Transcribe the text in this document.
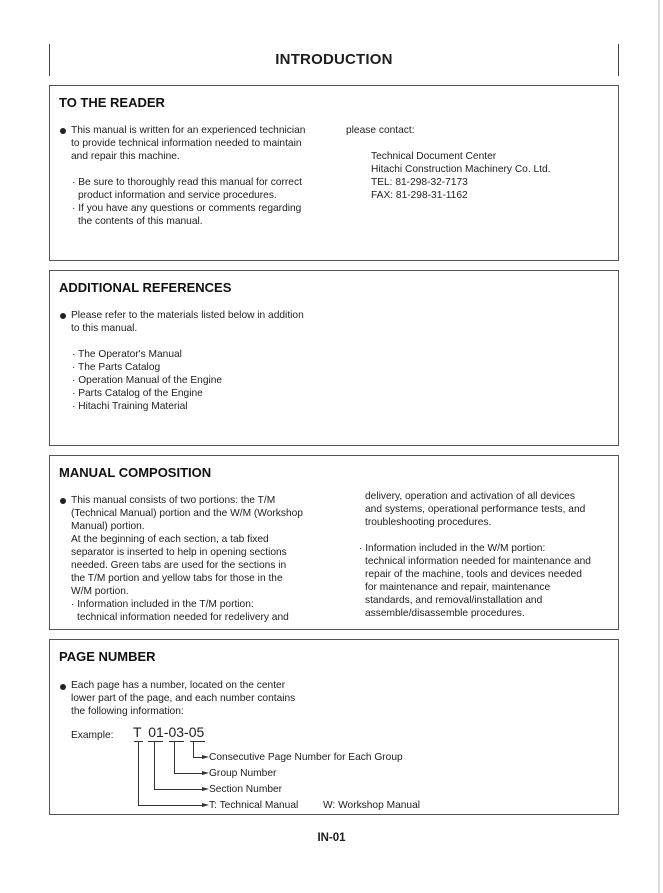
INTRODUCTION
TO THE READER
This manual is written for an experienced technician
to provide technical information needed to maintain
and repair this machine.
· Be sure to thoroughly read this manual for correct
product information and service procedures.
· If you have any questions or comments regarding
the contents of this manual.
please contact:
Technical Document Center
Hitachi Construction Machinery Co. Ltd.
TEL: 81-298-32-7173
FAX: 81-298-31-1162
ADDITIONAL REFERENCES
Please refer to the materials listed below in addition
to this manual.
· The Operator's Manual
· The Parts Catalog
· Operation Manual of the Engine
· Parts Catalog of the Engine
· Hitachi Training Material
MANUAL COMPOSITION
This manual consists of two portions: the T/M
(Technical Manual) portion and the W/M (Workshop
Manual) portion.
At the beginning of each section, a tab fixed
separator is inserted to help in opening sections
needed. Green tabs are used for the sections in
the T/M portion and yellow tabs for those in the
W/M portion.
· Information included in the T/M portion:
technical information needed for redelivery and
delivery, operation and activation of all devices
and systems, operational performance tests, and
troubleshooting procedures.
· Information included in the W/M portion:
technical information needed for maintenance and
repair of the machine, tools and devices needed
for maintenance and repair, maintenance
standards, and removal/installation and
assemble/disassemble procedures.
PAGE NUMBER
Each page has a number, located on the center
lower part of the page, and each number contains
the following information:
Example: T 01-03-05
Consecutive Page Number for Each Group
Group Number
Section Number
T: Technical Manual W: Workshop Manual
IN-01
